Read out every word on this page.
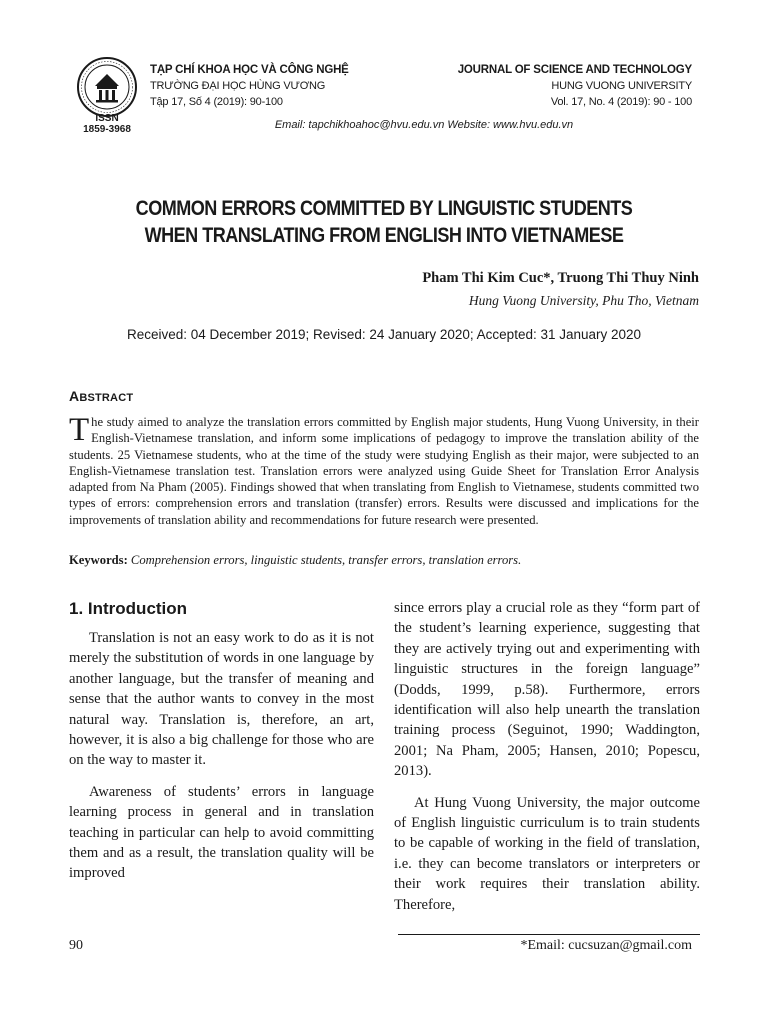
ISSN
1859-3968
TẠP CHÍ KHOA HỌC VÀ CÔNG NGHỆ
TRƯỜNG ĐẠI HỌC HÙNG VƯƠNG
Tập 17, Số 4 (2019): 90-100
JOURNAL OF SCIENCE AND TECHNOLOGY
HUNG VUONG UNIVERSITY
Vol. 17, No. 4 (2019): 90 - 100
Email: tapchikhoahoc@hvu.edu.vn Website: www.hvu.edu.vn
COMMON ERRORS COMMITTED BY LINGUISTIC STUDENTS
WHEN TRANSLATING FROM ENGLISH INTO VIETNAMESE
Pham Thi Kim Cuc*, Truong Thi Thuy Ninh
Hung Vuong University, Phu Tho, Vietnam
Received: 04 December 2019; Revised: 24 January 2020; Accepted: 31 January 2020
ABSTRACT
The study aimed to analyze the translation errors committed by English major students, Hung Vuong University, in their English-Vietnamese translation, and inform some implications of pedagogy to improve the translation ability of the students. 25 Vietnamese students, who at the time of the study were studying English as their major, were subjected to an English-Vietnamese translation test. Translation errors were analyzed using Guide Sheet for Translation Error Analysis adapted from Na Pham (2005). Findings showed that when translating from English to Vietnamese, students committed two types of errors: comprehension errors and translation (transfer) errors. Results were discussed and implications for the improvements of translation ability and recommendations for future research were presented.
Keywords: Comprehension errors, linguistic students, transfer errors, translation errors.
1. Introduction

Translation is not an easy work to do as it is not merely the substitution of words in one language by another language, but the transfer of meaning and sense that the author wants to convey in the most natural way. Translation is, therefore, an art, however, it is also a big challenge for those who are on the way to master it.

Awareness of students’ errors in language learning process in general and in translation teaching in particular can help to avoid committing them and as a result, the translation quality will be improved

since errors play a crucial role as they “form part of the student’s learning experience, suggesting that they are actively trying out and experimenting with linguistic structures in the foreign language” (Dodds, 1999, p.58). Furthermore, errors identification will also help unearth the translation training process (Seguinot, 1990; Waddington, 2001; Na Pham, 2005; Hansen, 2010; Popescu, 2013).

At Hung Vuong University, the major outcome of English linguistic curriculum is to train students to be capable of working in the field of translation, i.e. they can become translators or interpreters or their work requires their translation ability. Therefore,

90	*Email: cucsuzan@gmail.com
